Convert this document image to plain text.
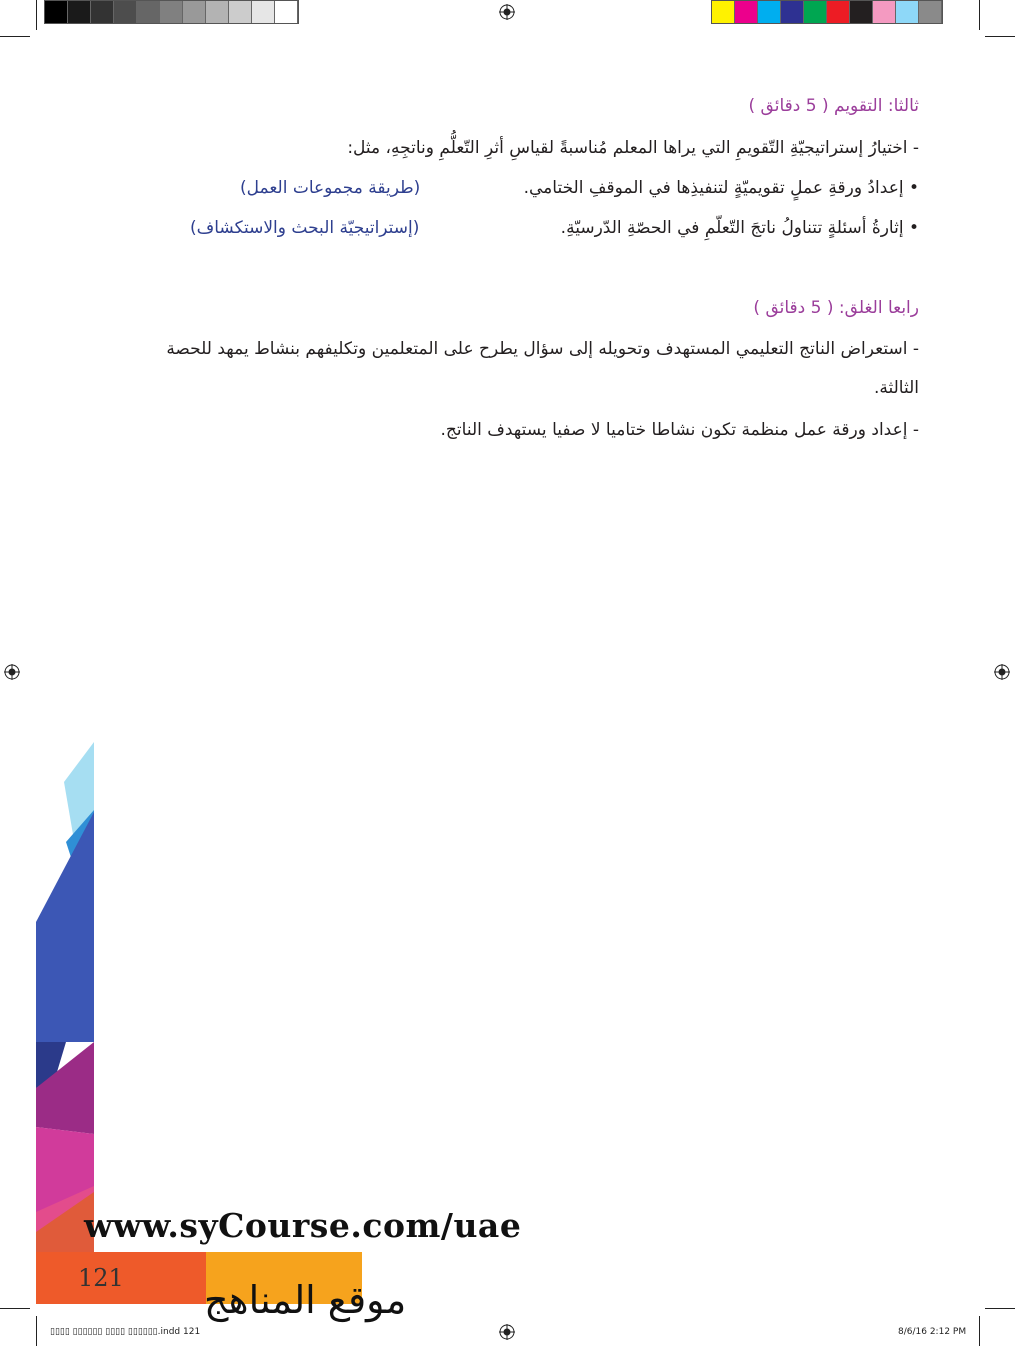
ثالثا: التقويم ( 5 دقائق )
- اختيارُ إستراتيجيّةِ التّقويمِ التي يراها المعلم مُناسبةً لقياسِ أثرِ التّعلُّمِ وناتجِهِ، مثل:
• إعدادُ ورقةِ عملٍ تقويميّةٍ لتنفيذِها في الموقفِ الختامي.
(طريقة مجموعات العمل)
• إثارةُ أسئلةٍ تتناولُ ناتجَ التّعلّمِ في الحصّةِ الدّرسيّةِ.
(إستراتيجيّة البحث والاستكشاف)
رابعا الغلق: ( 5 دقائق )
- استعراض الناتج التعليمي المستهدف وتحويله إلى سؤال يطرح على المتعلمين وتكليفهم بنشاط يمهد للحصة
الثالثة.
- إعداد ورقة عمل منظمة تكون نشاطا ختاميا لا صفيا يستهدف الناتج.
121
www.syCourse.com/uae
موقع المناهج
▯▯▯▯ ▯▯▯▯▯▯ ▯▯▯▯ ▯▯▯▯▯▯.indd 121	8/6/16 2:12 PM
